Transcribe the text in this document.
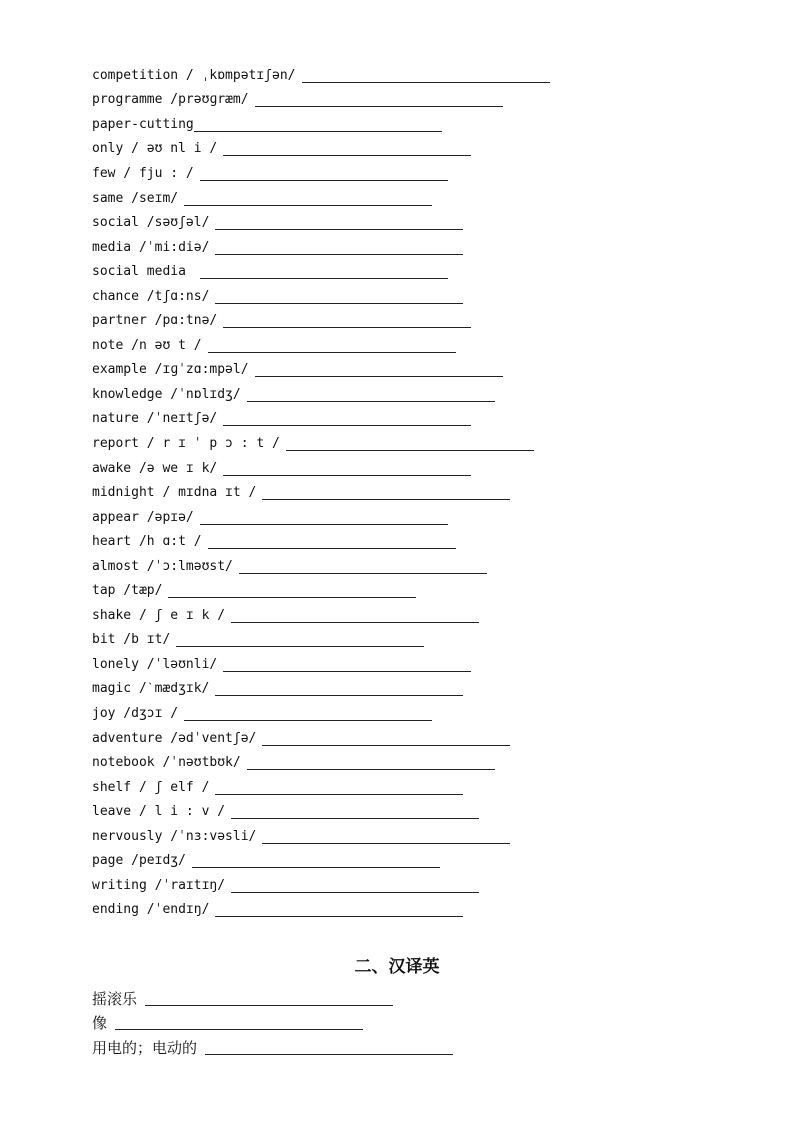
competition / ˌkɒmpətɪʃən/
programme /prəʊɡræm/
paper-cutting
only / əʊ nl i /
few / fju : /
same /seɪm/
social /səʊʃəl/
media /ˈmi:diə/
social media
chance /tʃɑ:ns/
partner /pɑ:tnə/
note /n əʊ t /
example /ɪɡˈzɑ:mpəl/
knowledge /ˈnɒlɪdʒ/
nature /ˈneɪtʃə/
report / r ɪ ˈ p ɔ : t /
awake /ə we ɪ k/
midnight / mɪdna ɪt /
appear /əpɪə/
heart /h ɑ:t /
almost /ˈɔ:lməʊst/
tap /tæp/
shake / ʃ e ɪ k /
bit /b ɪt/
lonely /ˈləʊnli/
magic /ˋmædʒɪk/
joy /dʒɔɪ /
adventure /ədˈventʃə/
notebook /ˈnəʊtbʊk/
shelf / ʃ elf /
leave / l i : v /
nervously /ˈnɜ:vəsli/
page /peɪdʒ/
writing /ˈraɪtɪŋ/
ending /ˈendɪŋ/
二、汉译英
摇滚乐
像
用电的；电动的
